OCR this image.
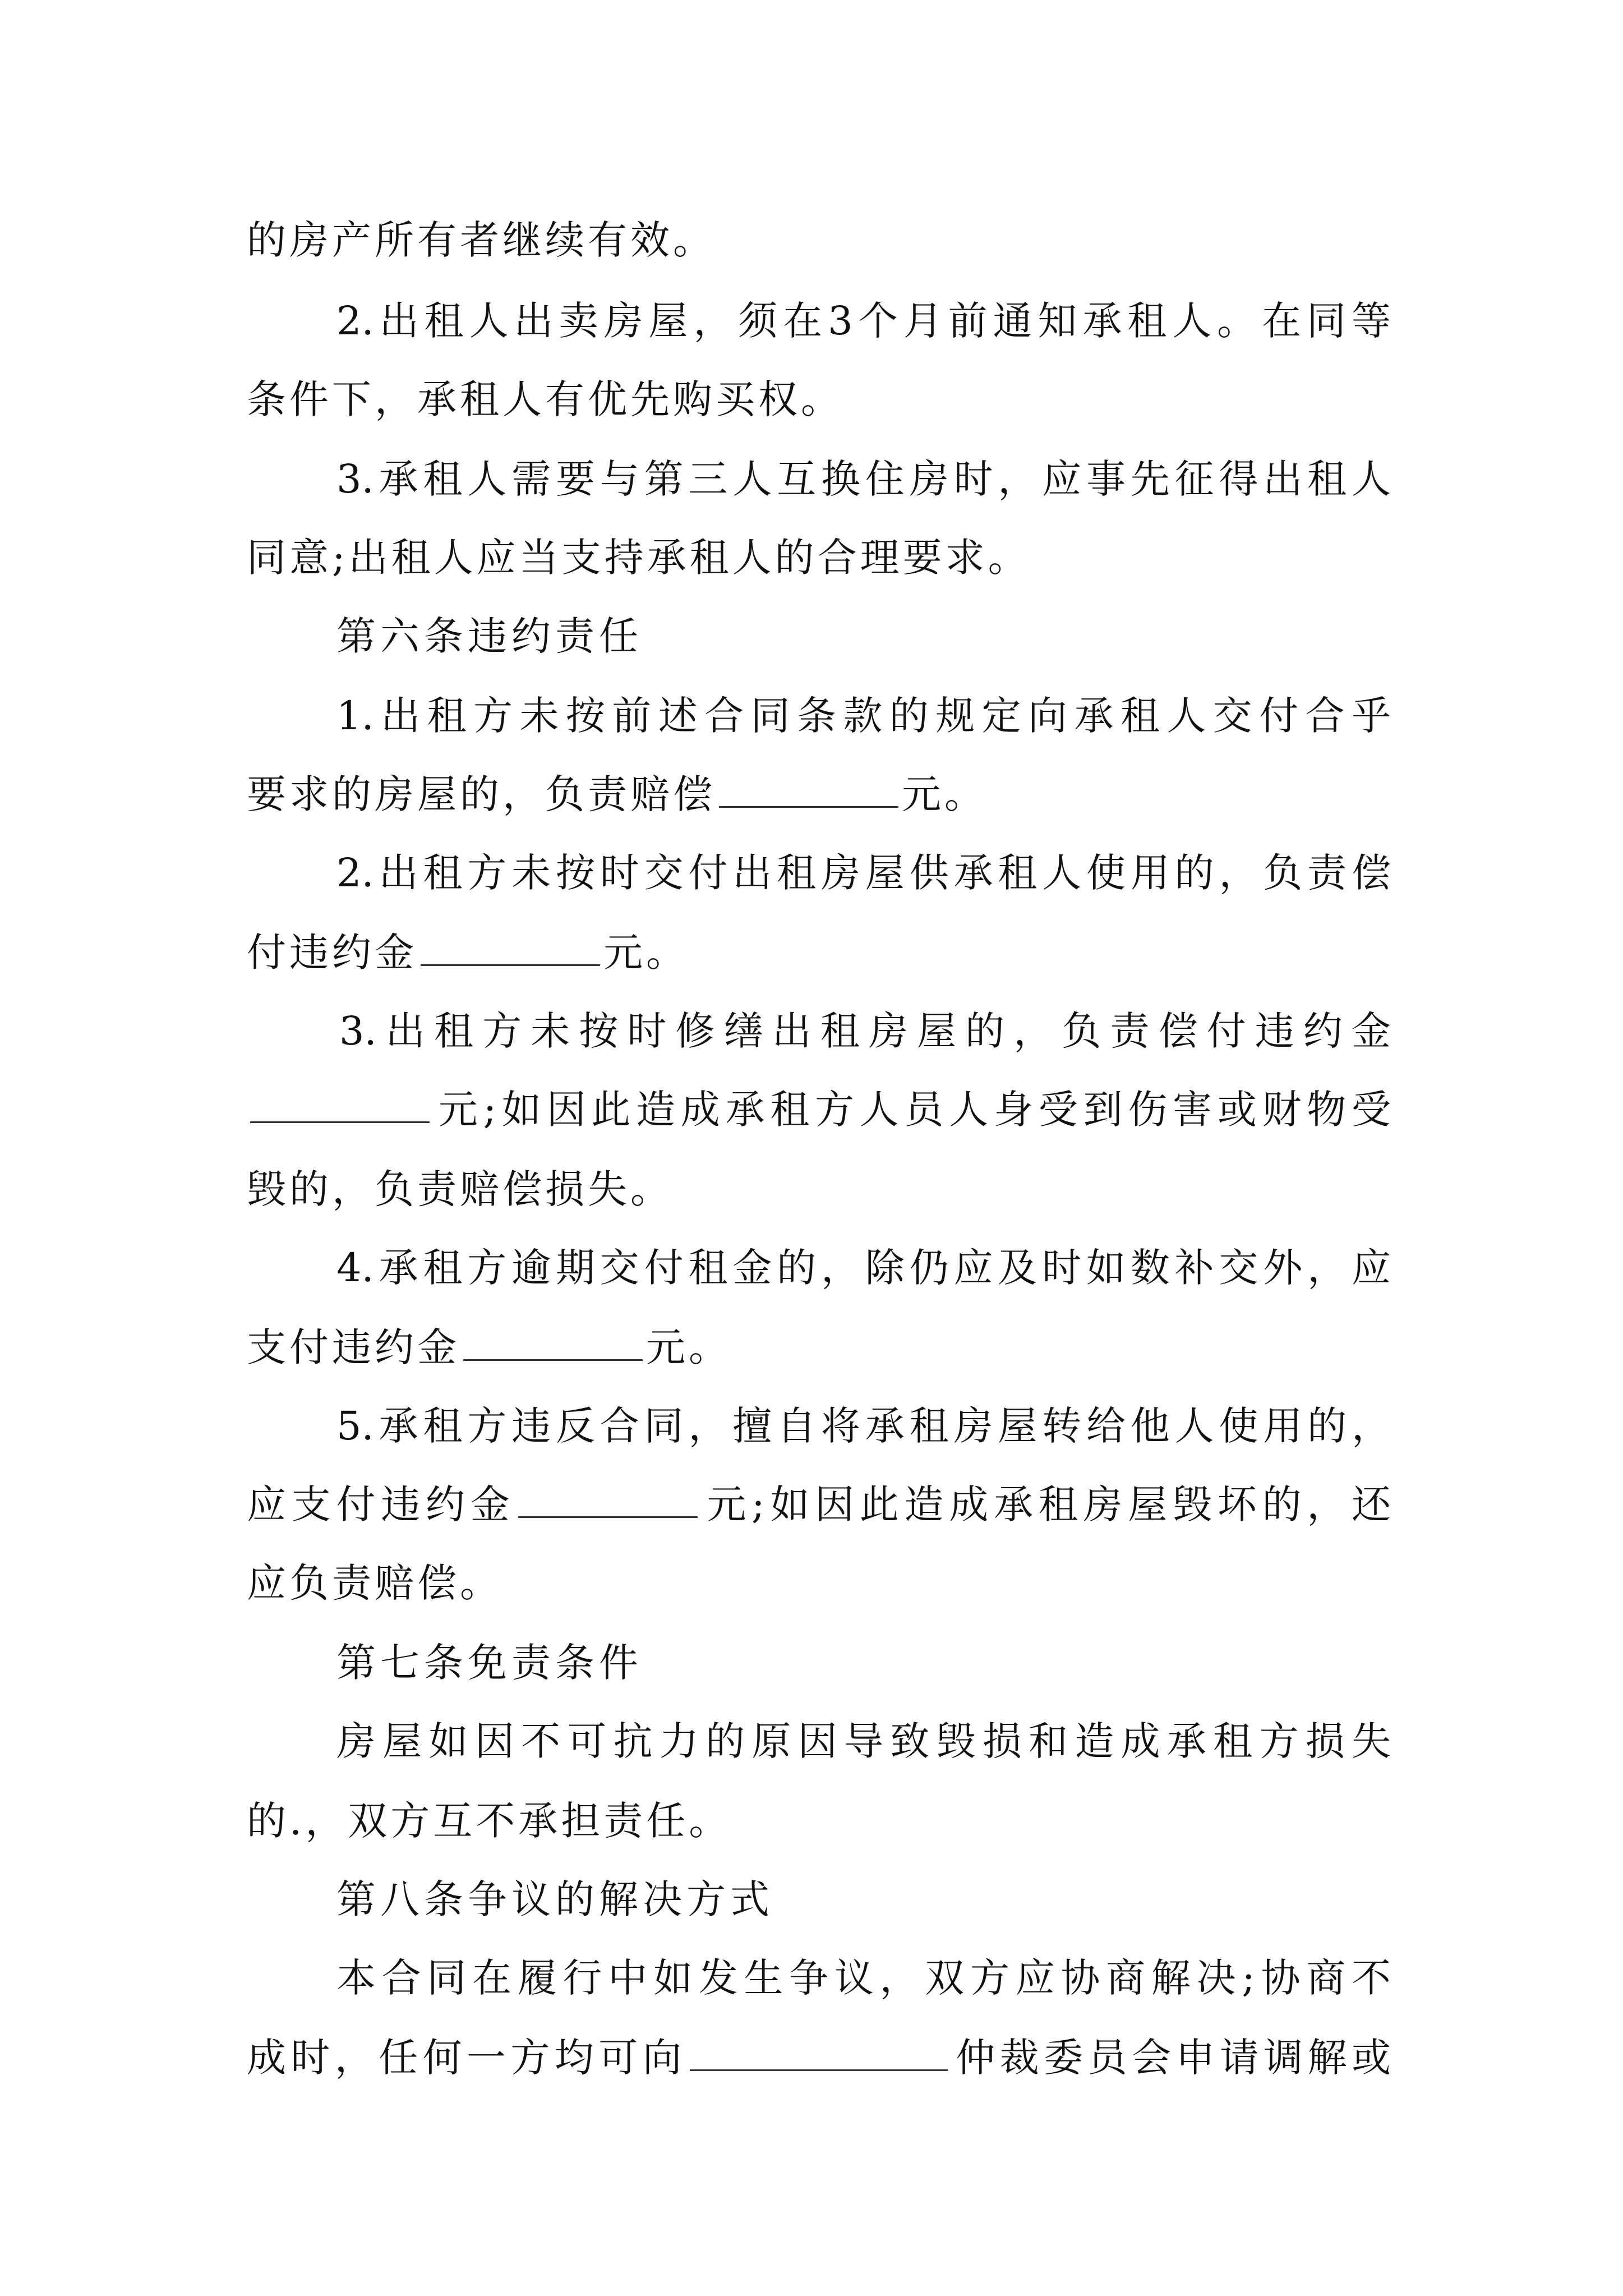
的房产所有者继续有效。
2.出租人出卖房屋，须在3个月前通知承租人。在同等
条件下，承租人有优先购买权。
3.承租人需要与第三人互换住房时，应事先征得出租人
同意;出租人应当支持承租人的合理要求。
第六条违约责任
1.出租方未按前述合同条款的规定向承租人交付合乎
要求的房屋的，负责赔偿	元。
2.出租方未按时交付出租房屋供承租人使用的，负责偿
付违约金	元。
3.出租方未按时修缮出租房屋的，负责偿付违约金
元;如因此造成承租方人员人身受到伤害或财物受
毁的，负责赔偿损失。
4.承租方逾期交付租金的，除仍应及时如数补交外，应
支付违约金	元。
5.承租方违反合同，擅自将承租房屋转给他人使用的，
应支付违约金	元;如因此造成承租房屋毁坏的，还
应负责赔偿。
第七条免责条件
房屋如因不可抗力的原因导致毁损和造成承租方损失
的.，双方互不承担责任。
第八条争议的解决方式
本合同在履行中如发生争议，双方应协商解决;协商不
成时，任何一方均可向	仲裁委员会申请调解或
